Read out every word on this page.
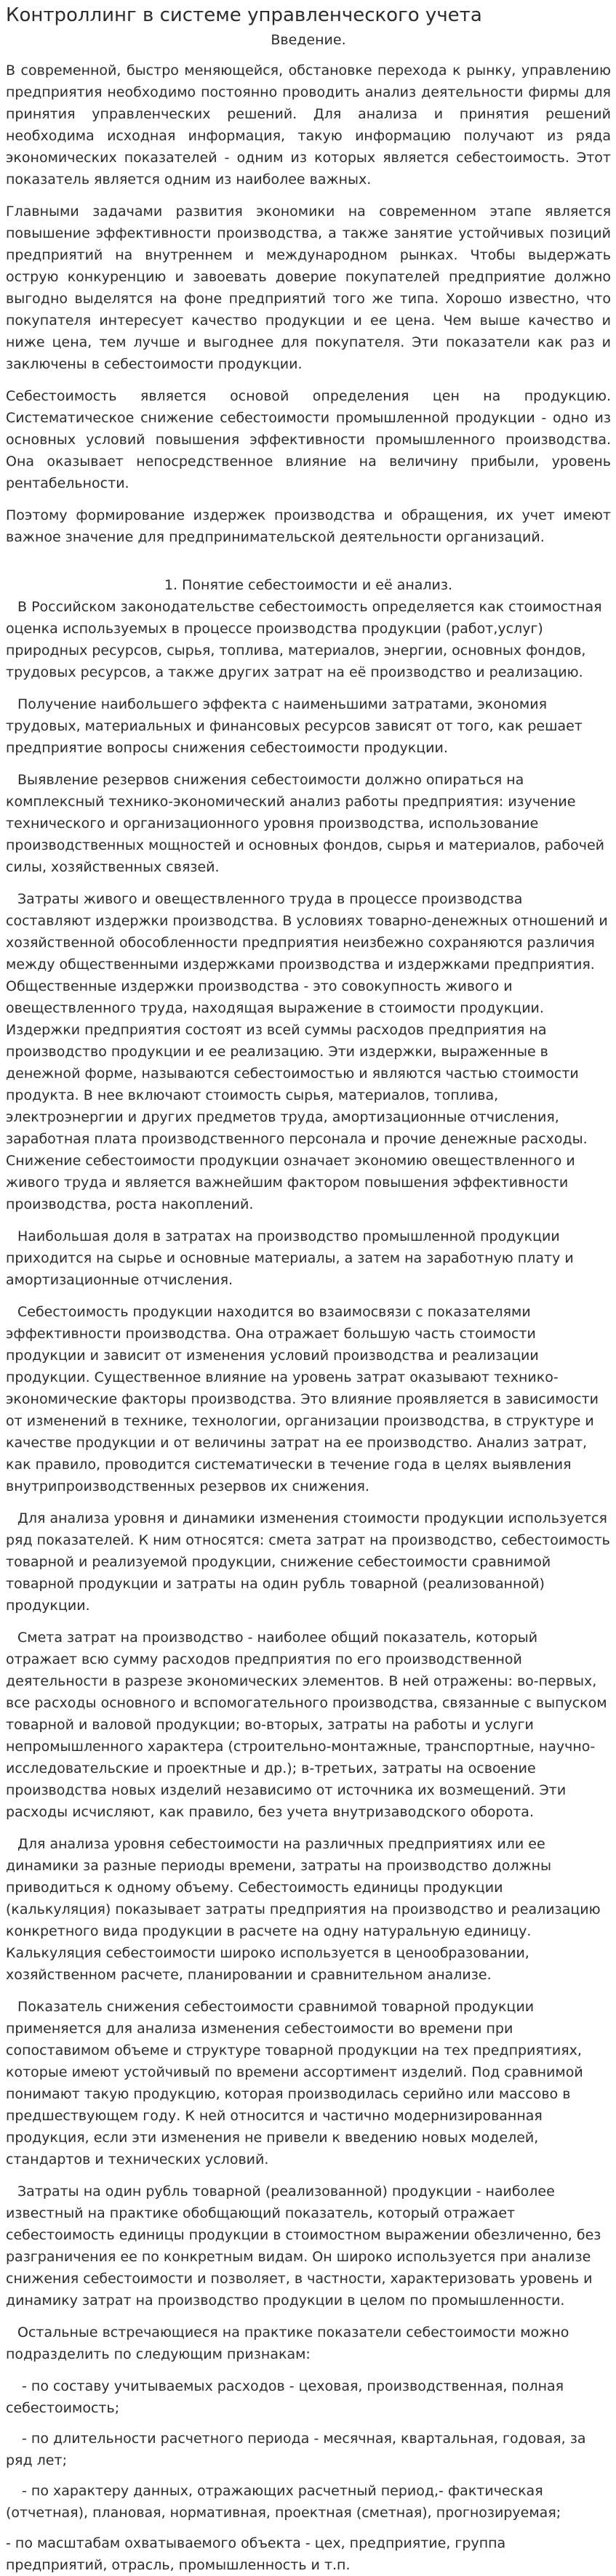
Контроллинг в системе управленческого учета
Введение.

В современной, быстро меняющейся, обстановке перехода к рынку, управлению предприятия необходимо постоянно проводить анализ деятельности фирмы для принятия управленческих решений. Для анализа и принятия решений необходима исходная информация, такую информацию получают из ряда экономических показателей - одним из которых является себестоимость. Этот показатель является одним из наиболее важных.

Главными задачами развития экономики на современном этапе является повышение эффективности производства, а также занятие устойчивых позиций предприятий на внутреннем и международном рынках. Чтобы выдержать острую конкуренцию и завоевать доверие покупателей предприятие должно выгодно выделятся на фоне предприятий того же типа. Хорошо известно, что покупателя интересует качество продукции и ее цена. Чем выше качество и ниже цена, тем лучше и выгоднее для покупателя. Эти показатели как раз и заключены в себестоимости продукции.

Себестоимость является основой определения цен на продукцию. Систематическое снижение себестоимости промышленной продукции - одно из основных условий повышения эффективности промышленного производства. Она оказывает непосредственное влияние на величину прибыли, уровень рентабельности.

Поэтому формирование издержек производства и обращения, их учет имеют важное значение для предпринимательской деятельности организаций.

1. Понятие себестоимости и её анализ.

В Российском законодательстве себестоимость определяется как стоимостная оценка используемых в процессе производства продукции (работ,услуг) природных ресурсов, сырья, топлива, материалов, энергии, основных фондов, трудовых ресурсов, а также других затрат на её производство и реализацию.

Получение наибольшего эффекта с наименьшими затратами, экономия трудовых, материальных и финансовых ресурсов зависят от того, как решает предприятие вопросы снижения себестоимости продукции.

Выявление резервов снижения себестоимости должно опираться на комплексный технико-экономический анализ работы предприятия: изучение технического и организационного уровня производства, использование производственных мощностей и основных фондов, сырья и материалов, рабочей силы, хозяйственных связей.

Затраты живого и овеществленного труда в процессе производства составляют издержки производства. В условиях товарно-денежных отношений и хозяйственной обособленности предприятия неизбежно сохраняются различия между общественными издержками производства и издержками предприятия. Общественные издержки производства - это совокупность живого и овеществленного труда, находящая выражение в стоимости продукции. Издержки предприятия состоят из всей суммы расходов предприятия на производство продукции и ее реализацию. Эти издержки, выраженные в денежной форме, называются себестоимостью и являются частью стоимости продукта. В нее включают стоимость сырья, материалов, топлива, электроэнергии и других предметов труда, амортизационные отчисления, заработная плата производственного персонала и прочие денежные расходы. Снижение себестоимости продукции означает экономию овеществленного и живого труда и является важнейшим фактором повышения эффективности производства, роста накоплений.

Наибольшая доля в затратах на производство промышленной продукции приходится на сырье и основные материалы, а затем на заработную плату и амортизационные отчисления.

Себестоимость продукции находится во взаимосвязи с показателями эффективности производства. Она отражает большую часть стоимости продукции и зависит от изменения условий производства и реализации продукции. Существенное влияние на уровень затрат оказывают технико-экономические факторы производства. Это влияние проявляется в зависимости от изменений в технике, технологии, организации производства, в структуре и качестве продукции и от величины затрат на ее производство. Анализ затрат, как правило, проводится систематически в течение года в целях выявления внутрипроизводственных резервов их снижения.

Для анализа уровня и динамики изменения стоимости продукции используется ряд показателей. К ним относятся: смета затрат на производство, себестоимость товарной и реализуемой продукции, снижение себестоимости сравнимой товарной продукции и затраты на один рубль товарной (реализованной) продукции.

Смета затрат на производство - наиболее общий показатель, который отражает всю сумму расходов предприятия по его производственной деятельности в разрезе экономических элементов. В ней отражены: во-первых, все расходы основного и вспомогательного производства, связанные с выпуском товарной и валовой продукции; во-вторых, затраты на работы и услуги непромышленного характера (строительно-монтажные, транспортные, научно-исследовательские и проектные и др.); в-третьих, затраты на освоение производства новых изделий независимо от источника их возмещений. Эти расходы исчисляют, как правило, без учета внутризаводского оборота.

Для анализа уровня себестоимости на различных предприятиях или ее динамики за разные периоды времени, затраты на производство должны приводиться к одному объему. Себестоимость единицы продукции (калькуляция) показывает затраты предприятия на производство и реализацию конкретного вида продукции в расчете на одну натуральную единицу. Калькуляция себестоимости широко используется в ценообразовании, хозяйственном расчете, планировании и сравнительном анализе.

Показатель снижения себестоимости сравнимой товарной продукции применяется для анализа изменения себестоимости во времени при сопоставимом объеме и структуре товарной продукции на тех предприятиях, которые имеют устойчивый по времени ассортимент изделий. Под сравнимой понимают такую продукцию, которая производилась серийно или массово в предшествующем году. К ней относится и частично модернизированная продукция, если эти изменения не привели к введению новых моделей, стандартов и технических условий.

Затраты на один рубль товарной (реализованной) продукции - наиболее известный на практике обобщающий показатель, который отражает себестоимость единицы продукции в стоимостном выражении обезличенно, без разграничения ее по конкретным видам. Он широко используется при анализе снижения себестоимости и позволяет, в частности, характеризовать уровень и динамику затрат на производство продукции в целом по промышленности.

Остальные встречающиеся на практике показатели себестоимости можно подразделить по следующим признакам:

- по составу учитываемых расходов - цеховая, производственная, полная себестоимость;

- по длительности расчетного периода - месячная, квартальная, годовая, за ряд лет;

- по характеру данных, отражающих расчетный период,- фактическая (отчетная), плановая, нормативная, проектная (сметная), прогнозируемая;

- по масштабам охватываемого объекта - цех, предприятие, группа предприятий, отрасль, промышленность и т.п.
